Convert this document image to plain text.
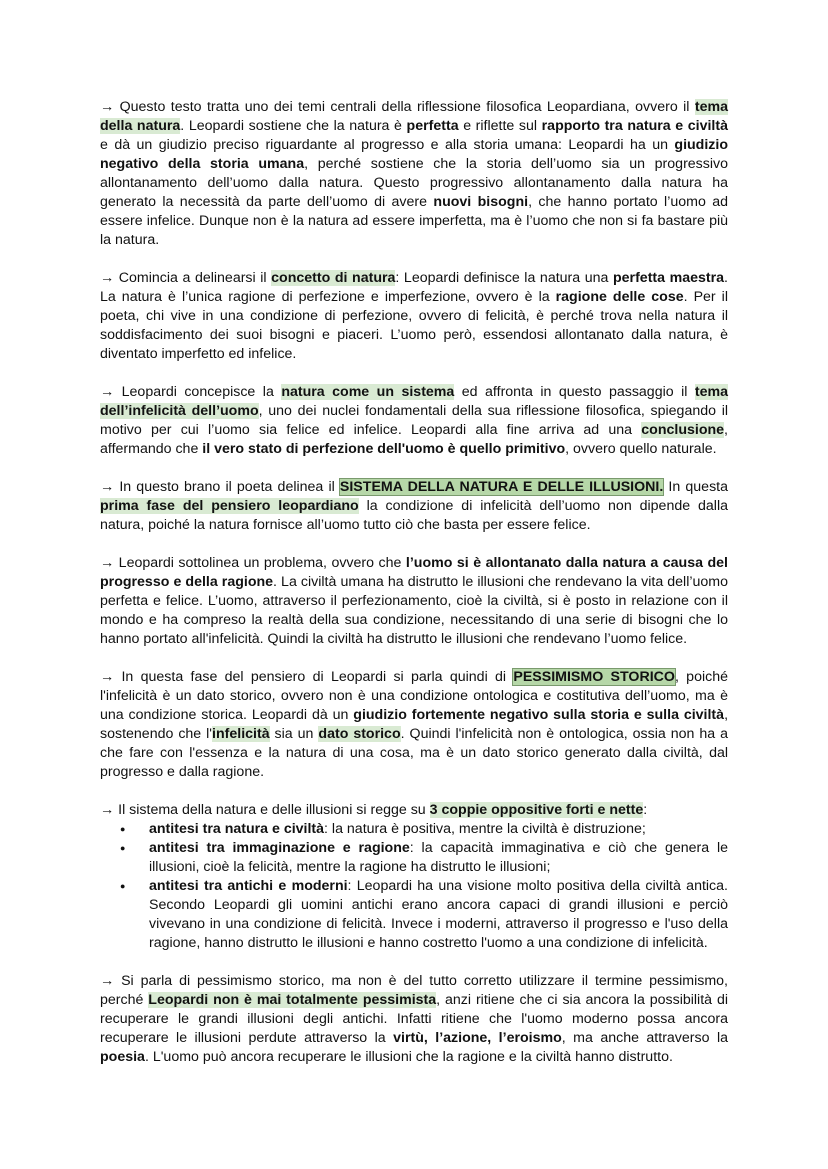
→ Questo testo tratta uno dei temi centrali della riflessione filosofica Leopardiana, ovvero il tema della natura. Leopardi sostiene che la natura è perfetta e riflette sul rapporto tra natura e civiltà e dà un giudizio preciso riguardante al progresso e alla storia umana: Leopardi ha un giudizio negativo della storia umana, perché sostiene che la storia dell’uomo sia un progressivo allontanamento dell’uomo dalla natura. Questo progressivo allontanamento dalla natura ha generato la necessità da parte dell’uomo di avere nuovi bisogni, che hanno portato l’uomo ad essere infelice. Dunque non è la natura ad essere imperfetta, ma è l’uomo che non si fa bastare più la natura.

→ Comincia a delinearsi il concetto di natura: Leopardi definisce la natura una perfetta maestra. La natura è l’unica ragione di perfezione e imperfezione, ovvero è la ragione delle cose. Per il poeta, chi vive in una condizione di perfezione, ovvero di felicità, è perché trova nella natura il soddisfacimento dei suoi bisogni e piaceri. L’uomo però, essendosi allontanato dalla natura, è diventato imperfetto ed infelice.

→ Leopardi concepisce la natura come un sistema ed affronta in questo passaggio il tema dell’infelicità dell’uomo, uno dei nuclei fondamentali della sua riflessione filosofica, spiegando il motivo per cui l’uomo sia felice ed infelice. Leopardi alla fine arriva ad una conclusione, affermando che il vero stato di perfezione dell'uomo è quello primitivo, ovvero quello naturale.

→ In questo brano il poeta delinea il SISTEMA DELLA NATURA E DELLE ILLUSIONI. In questa prima fase del pensiero leopardiano la condizione di infelicità dell’uomo non dipende dalla natura, poiché la natura fornisce all’uomo tutto ciò che basta per essere felice.

→ Leopardi sottolinea un problema, ovvero che l’uomo si è allontanato dalla natura a causa del progresso e della ragione. La civiltà umana ha distrutto le illusioni che rendevano la vita dell’uomo perfetta e felice. L’uomo, attraverso il perfezionamento, cioè la civiltà, si è posto in relazione con il mondo e ha compreso la realtà della sua condizione, necessitando di una serie di bisogni che lo hanno portato all'infelicità. Quindi la civiltà ha distrutto le illusioni che rendevano l’uomo felice.

→ In questa fase del pensiero di Leopardi si parla quindi di PESSIMISMO STORICO, poiché l'infelicità è un dato storico, ovvero non è una condizione ontologica e costitutiva dell’uomo, ma è una condizione storica. Leopardi dà un giudizio fortemente negativo sulla storia e sulla civiltà, sostenendo che l'infelicità sia un dato storico. Quindi l'infelicità non è ontologica, ossia non ha a che fare con l'essenza e la natura di una cosa, ma è un dato storico generato dalla civiltà, dal progresso e dalla ragione.

→ Il sistema della natura e delle illusioni si regge su 3 coppie oppositive forti e nette:

● antitesi tra natura e civiltà: la natura è positiva, mentre la civiltà è distruzione;
● antitesi tra immaginazione e ragione: la capacità immaginativa e ciò che genera le illusioni, cioè la felicità, mentre la ragione ha distrutto le illusioni;
● antitesi tra antichi e moderni: Leopardi ha una visione molto positiva della civiltà antica. Secondo Leopardi gli uomini antichi erano ancora capaci di grandi illusioni e perciò vivevano in una condizione di felicità. Invece i moderni, attraverso il progresso e l'uso della ragione, hanno distrutto le illusioni e hanno costretto l'uomo a una condizione di infelicità.

→ Si parla di pessimismo storico, ma non è del tutto corretto utilizzare il termine pessimismo, perché Leopardi non è mai totalmente pessimista, anzi ritiene che ci sia ancora la possibilità di recuperare le grandi illusioni degli antichi. Infatti ritiene che l'uomo moderno possa ancora recuperare le illusioni perdute attraverso la virtù, l’azione, l’eroismo, ma anche attraverso la poesia. L'uomo può ancora recuperare le illusioni che la ragione e la civiltà hanno distrutto.
